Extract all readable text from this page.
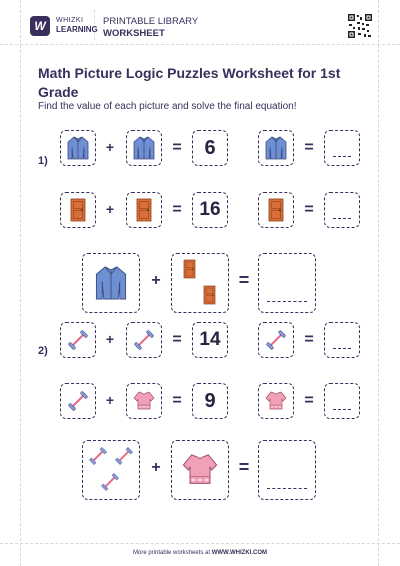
W	WHIZKI
LEARNING
PRINTABLE LIBRARY
WORKSHEET
Math Picture Logic Puzzles Worksheet for 1st Grade
Find the value of each picture and solve the final equation!
1)
+	= 6	=
+	= 16	=
+	=
2)
+	= 14	=
+	= 9	=
+	=
More printable worksheets at WWW.WHIZKI.COM
